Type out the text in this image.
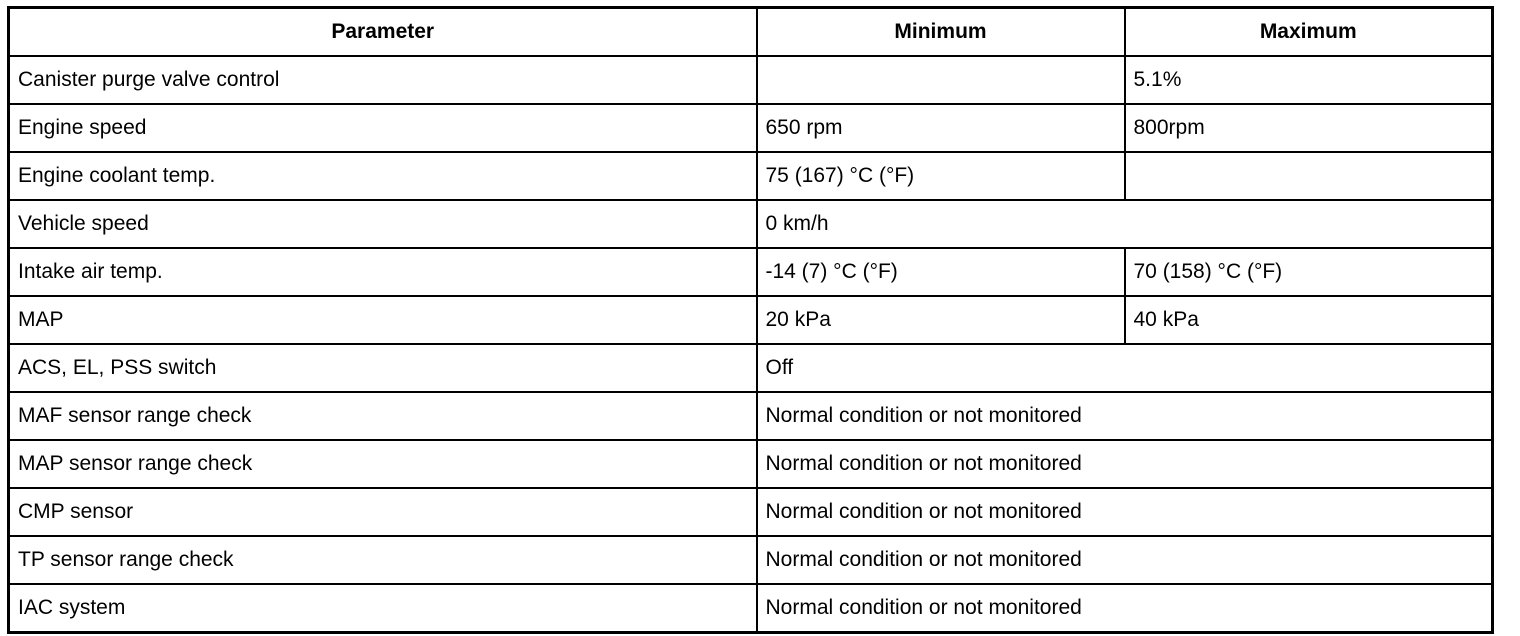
Parameter	Minimum	Maximum
Canister purge valve control		5.1%
Engine speed	650 rpm	800rpm
Engine coolant temp.	75 (167) °C (°F)	
Vehicle speed	0 km/h	
Intake air temp.	-14 (7) °C (°F)	70 (158) °C (°F)
MAP	20 kPa	40 kPa
ACS, EL, PSS switch	Off	
MAF sensor range check	Normal condition or not monitored	
MAP sensor range check	Normal condition or not monitored	
CMP sensor	Normal condition or not monitored	
TP sensor range check	Normal condition or not monitored	
IAC system	Normal condition or not monitored	
